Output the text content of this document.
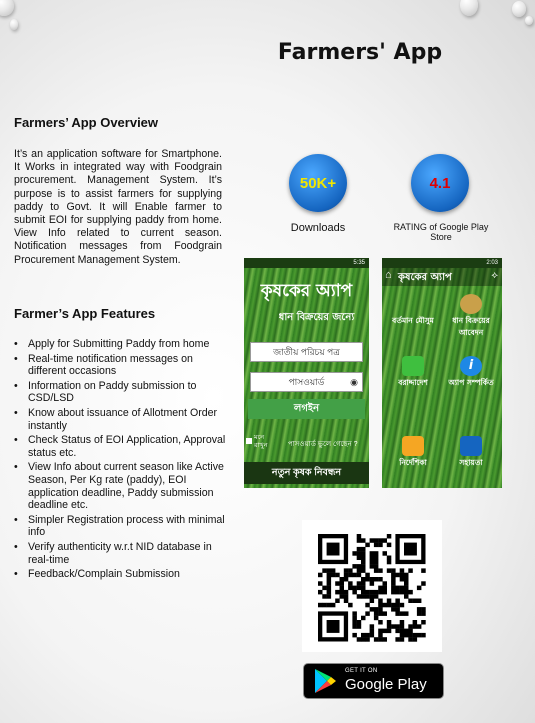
Farmers' App
Farmers’ App Overview
It’s an application software for Smartphone. It Works in integrated way with Foodgrain procurement. Management System. It’s purpose is to assist farmers for supplying paddy to Govt. It will Enable farmer to submit EOI for supplying paddy from home. View Info related to current season. Notification messages from Foodgrain Procurement Management System.
Farmer’s App Features
• Apply for Submitting Paddy from home
• Real-time notification messages on different occasions
• Information on Paddy submission to CSD/LSD
• Know about issuance of Allotment Order instantly
• Check Status of EOI Application, Approval status etc.
• View Info about current season like Active Season, Per Kg rate (paddy), EOI application deadline, Paddy submission deadline etc.
• Simpler Registration process with minimal info
• Verify authenticity w.r.t NID database in real-time
• Feedback/Complain Submission
50K+
Downloads
4.1
RATING of Google Play Store
5:35
কৃষকের অ্যাপ
ধান বিক্রয়ের জন্যে
জাতীয় পরিচয় পত্র
পাসওয়ার্ড	◉
লগইন
মনে রাখুন	পাসওয়ার্ড ভুলে গেছেন ?
নতুন কৃষক নিবন্ধন
2:03
⌂ কৃষকের অ্যাপ	⟡
বর্তমান মৌসুম	ধান বিক্রয়ের আবেদন
বরাদ্দাদেশ
i
অ্যাপ সম্পর্কিত
নির্দেশিকা	সহায়তা
GET IT ON
Google Play
